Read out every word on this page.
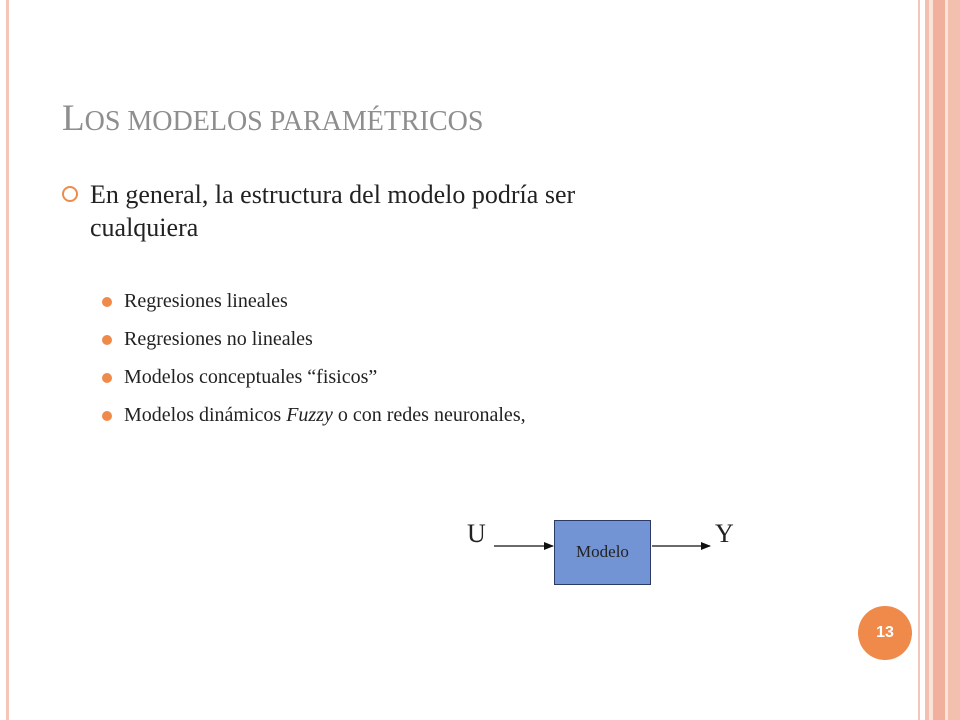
LOS MODELOS PARAMÉTRICOS
En general, la estructura del modelo podría ser
cualquiera
Regresiones lineales
Regresiones no lineales
Modelos conceptuales “fisicos”
Modelos dinámicos Fuzzy o con redes neuronales,
Modelo
U	Y
13
